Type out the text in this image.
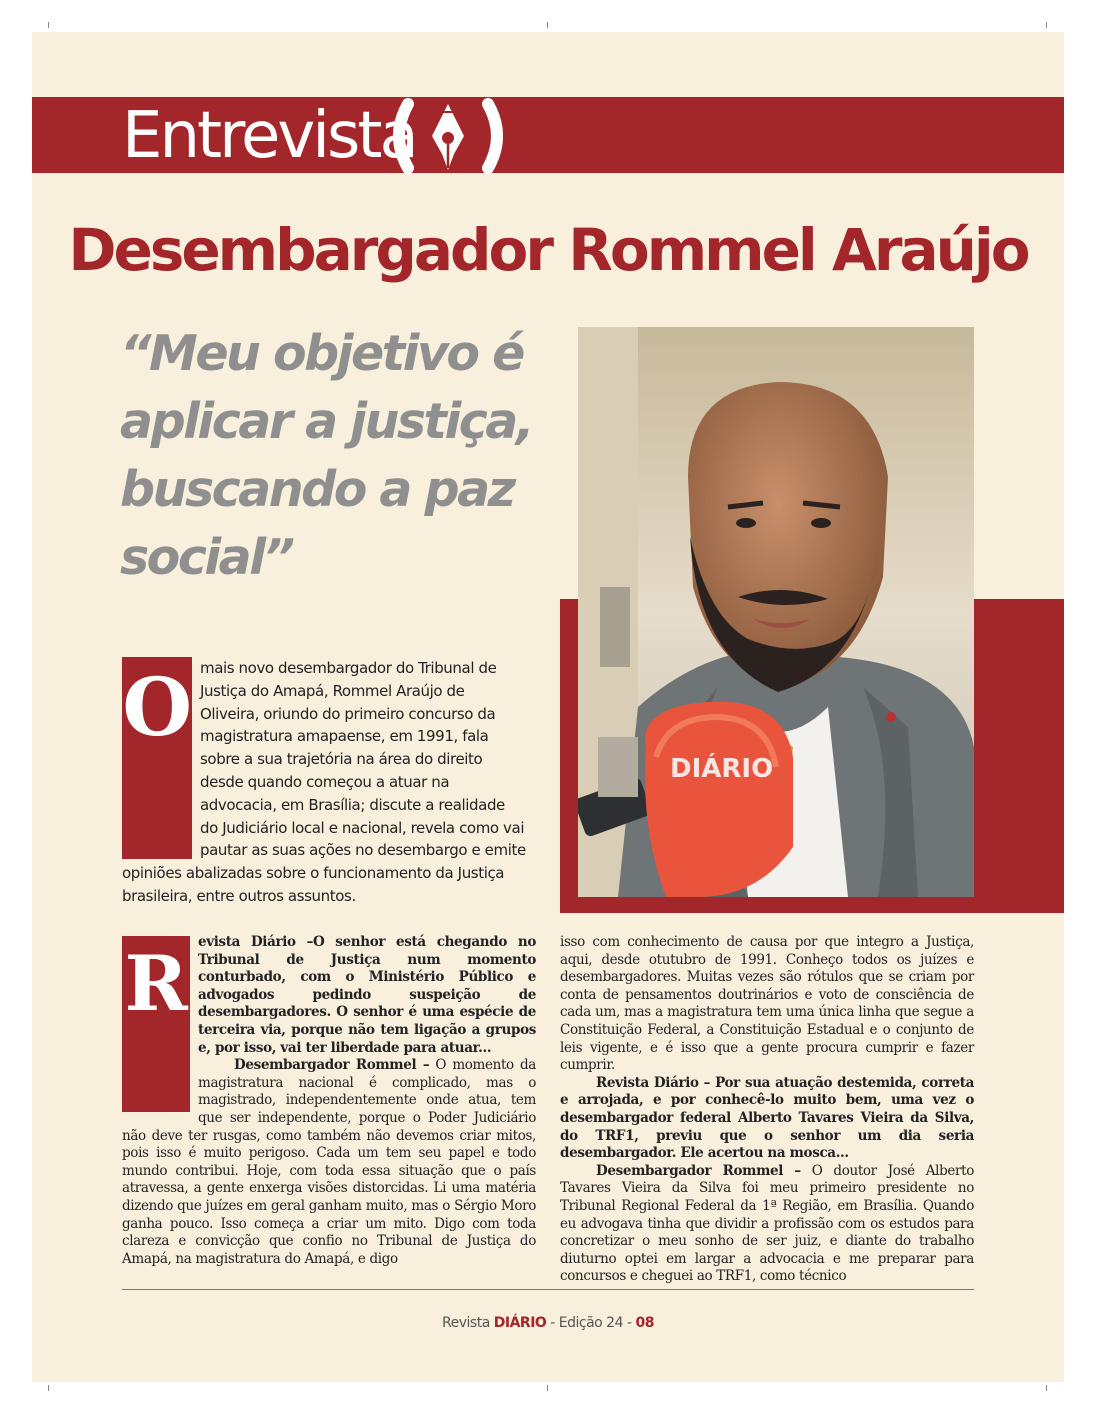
Entrevista
Desembargador Rommel Araújo

“Meu objetivo é aplicar a justiça, buscando a paz social”

DIÁRIO
O mais novo desembargador do Tribunal de Justiça do Amapá, Rommel Araújo de Oliveira, oriundo do primeiro concurso da magistratura amapaense, em 1991, fala sobre a sua trajetória na área do direito desde quando começou a atuar na advocacia, em Brasília; discute a realidade do Judiciário local e nacional, revela como vai pautar as suas ações no desembargo e emite opiniões abalizadas sobre o funcionamento da Justiça brasileira, entre outros assuntos.

R evista Diário –O senhor está chegando no Tribunal de Justiça num momento conturbado, com o Ministério Público e advogados pedindo suspeição de desembargadores. O senhor é uma espécie de terceira via, porque não tem ligação a grupos e, por isso, vai ter liberdade para atuar...

Desembargador Rommel – O momento da magistratura nacional é complicado, mas o magistrado, independentemente onde atua, tem que ser independente, porque o Poder Judiciário não deve ter rusgas, como também não devemos criar mitos, pois isso é muito perigoso. Cada um tem seu papel e todo mundo contribui. Hoje, com toda essa situação que o país atravessa, a gente enxerga visões distorcidas. Li uma matéria dizendo que juízes em geral ganham muito, mas o Sérgio Moro ganha pouco. Isso começa a criar um mito. Digo com toda clareza e convicção que confio no Tribunal de Justiça do Amapá, na magistratura do Amapá, e digo

isso com conhecimento de causa por que integro a Justiça, aqui, desde otutubro de 1991. Conheço todos os juízes e desembargadores. Muitas vezes são rótulos que se criam por conta de pensamentos doutrinários e voto de consciência de cada um, mas a magistratura tem uma única linha que segue a Constituição Federal, a Constituição Estadual e o conjunto de leis vigente, e é isso que a gente procura cumprir e fazer cumprir.

Revista Diário – Por sua atuação destemida, correta e arrojada, e por conhecê-lo muito bem, uma vez o desembargador federal Alberto Tavares Vieira da Silva, do TRF1, previu que o senhor um dia seria desembargador. Ele acertou na mosca...

Desembargador Rommel – O doutor José Alberto Tavares Vieira da Silva foi meu primeiro presidente no Tribunal Regional Federal da 1ª Região, em Brasília. Quando eu advogava tinha que dividir a profissão com os estudos para concretizar o meu sonho de ser juiz, e diante do trabalho diuturno optei em largar a advocacia e me preparar para concursos e cheguei ao TRF1, como técnico

Revista DIÁRIO - Edição 24 - 08
